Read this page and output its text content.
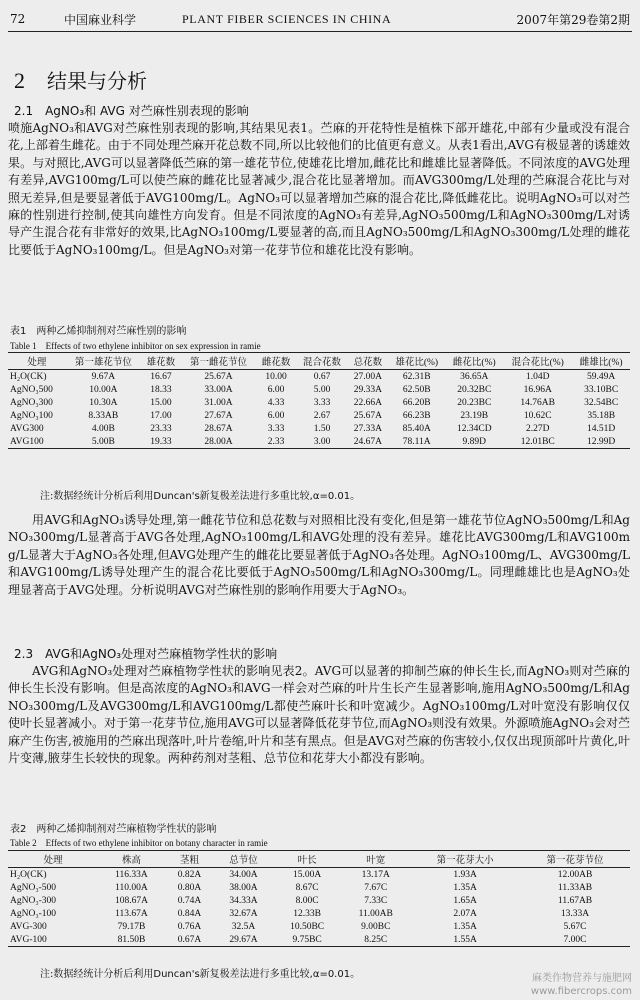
72	中国麻业科学	PLANT FIBER SCIENCES IN CHINA	2007年第29卷第2期
2 结果与分析
2.1　AgNO₃和 AVG 对苎麻性别表现的影响
喷施AgNO₃和AVG对苎麻性别表现的影响,其结果见表1。苎麻的开花特性是植株下部开雄花,中部有少量或没有混合花,上部着生雌花。由于不同处理苎麻开花总数不同,所以比较他们的比值更有意义。从表1看出,AVG有极显著的诱雄效果。与对照比,AVG可以显著降低苎麻的第一雄花节位,使雄花比增加,雌花比和雌雄比显著降低。不同浓度的AVG处理有差异,AVG100mg/L可以使苎麻的雌花比显著减少,混合花比显著增加。而AVG300mg/L处理的苎麻混合花比与对照无差异,但是要显著低于AVG100mg/L。AgNO₃可以显著增加苎麻的混合花比,降低雌花比。说明AgNO₃可以对苎麻的性别进行控制,使其向雄性方向发育。但是不同浓度的AgNO₃有差异,AgNO₃500mg/L和AgNO₃300mg/L对诱导产生混合花有非常好的效果,比AgNO₃100mg/L要显著的高,而且AgNO₃500mg/L和AgNO₃300mg/L处理的雌花比要低于AgNO₃100mg/L。但是AgNO₃对第一花芽节位和雄花比没有影响。
表1　两种乙烯抑制剂对苎麻性别的影响
Table 1　Effects of two ethylene inhibitor on sex expression in ramie
处理	第一雄花节位	雄花数	第一雌花节位	雌花数	混合花数	总花数	雄花比(%)	雌花比(%)	混合花比(%)	雌雄比(%)
H₂O(CK)	9.67A	16.67	25.67A	10.00	0.67	27.00A	62.31B	36.65A	1.04D	59.49A
AgNO₃500	10.00A	18.33	33.00A	6.00	5.00	29.33A	62.50B	20.32BC	16.96A	33.10BC
AgNO₃300	10.30A	15.00	31.00A	4.33	3.33	22.66A	66.20B	20.23BC	14.76AB	32.54BC
AgNO₃100	8.33AB	17.00	27.67A	6.00	2.67	25.67A	66.23B	23.19B	10.62C	35.18B
AVG300	4.00B	23.33	28.67A	3.33	1.50	27.33A	85.40A	12.34CD	2.27D	14.51D
AVG100	5.00B	19.33	28.00A	2.33	3.00	24.67A	78.11A	9.89D	12.01BC	12.99D
注:数据经统计分析后利用Duncan's新复极差法进行多重比较,α=0.01。
用AVG和AgNO₃诱导处理,第一雌花节位和总花数与对照相比没有变化,但是第一雄花节位AgNO₃500mg/L和AgNO₃300mg/L显著高于AVG各处理,AgNO₃100mg/L和AVG处理的没有差异。雄花比AVG300mg/L和AVG100mg/L显著大于AgNO₃各处理,但AVG处理产生的雌花比要显著低于AgNO₃各处理。AgNO₃100mg/L、AVG300mg/L和AVG100mg/L诱导处理产生的混合花比要低于AgNO₃500mg/L和AgNO₃300mg/L。同理雌雄比也是AgNO₃处理显著高于AVG处理。分析说明AVG对苎麻性别的影响作用要大于AgNO₃。
2.3　AVG和AgNO₃处理对苎麻植物学性状的影响
AVG和AgNO₃处理对苎麻植物学性状的影响见表2。AVG可以显著的抑制苎麻的伸长生长,而AgNO₃则对苎麻的伸长生长没有影响。但是高浓度的AgNO₃和AVG一样会对苎麻的叶片生长产生显著影响,施用AgNO₃500mg/L和AgNO₃300mg/L及AVG300mg/L和AVG100mg/L都使苎麻叶长和叶宽减少。AgNO₃100mg/L对叶宽没有影响仅仅使叶长显著减小。对于第一花芽节位,施用AVG可以显著降低花芽节位,而AgNO₃则没有效果。外源喷施AgNO₃会对苎麻产生伤害,被施用的苎麻出现落叶,叶片卷缩,叶片和茎有黑点。但是AVG对苎麻的伤害较小,仅仅出现顶部叶片黄化,叶片变薄,腋芽生长较快的现象。两种药剂对茎粗、总节位和花芽大小都没有影响。
表2　两种乙烯抑制剂对苎麻植物学性状的影响
Table 2　Effects of two ethylene inhibitor on botany character in ramie
处理	株高	茎粗	总节位	叶长	叶宽	第一花芽大小	第一花芽节位
H₂O(CK)	116.33A	0.82A	34.00A	15.00A	13.17A	1.93A	12.00AB
AgNO₃-500	110.00A	0.80A	38.00A	8.67C	7.67C	1.35A	11.33AB
AgNO₃-300	108.67A	0.74A	34.33A	8.00C	7.33C	1.65A	11.67AB
AgNO₃-100	113.67A	0.84A	32.67A	12.33B	11.00AB	2.07A	13.33A
AVG-300	79.17B	0.76A	32.5A	10.50BC	9.00BC	1.35A	5.67C
AVG-100	81.50B	0.67A	29.67A	9.75BC	8.25C	1.55A	7.00C
注:数据经统计分析后利用Duncan's新复极差法进行多重比较,α=0.01。	麻类作物营养与施肥网
www.fibercrops.com
